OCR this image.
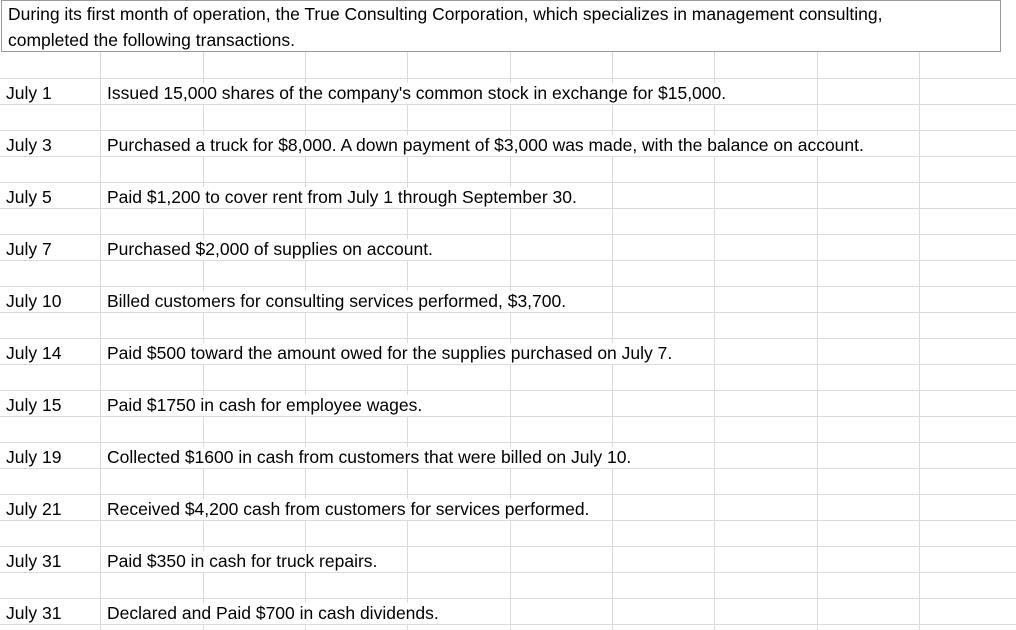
During its first month of operation, the True Consulting Corporation, which specializes in management consulting,
completed the following transactions.
July 1	Issued 15,000 shares of the company's common stock in exchange for $15,000.
July 3	Purchased a truck for $8,000. A down payment of $3,000 was made, with the balance on account.
July 5	Paid $1,200 to cover rent from July 1 through September 30.
July 7	Purchased $2,000 of supplies on account.
July 10	Billed customers for consulting services performed, $3,700.
July 14	Paid $500 toward the amount owed for the supplies purchased on July 7.
July 15	Paid $1750 in cash for employee wages.
July 19	Collected $1600 in cash from customers that were billed on July 10.
July 21	Received $4,200 cash from customers for services performed.
July 31	Paid $350 in cash for truck repairs.
July 31	Declared and Paid $700 in cash dividends.
